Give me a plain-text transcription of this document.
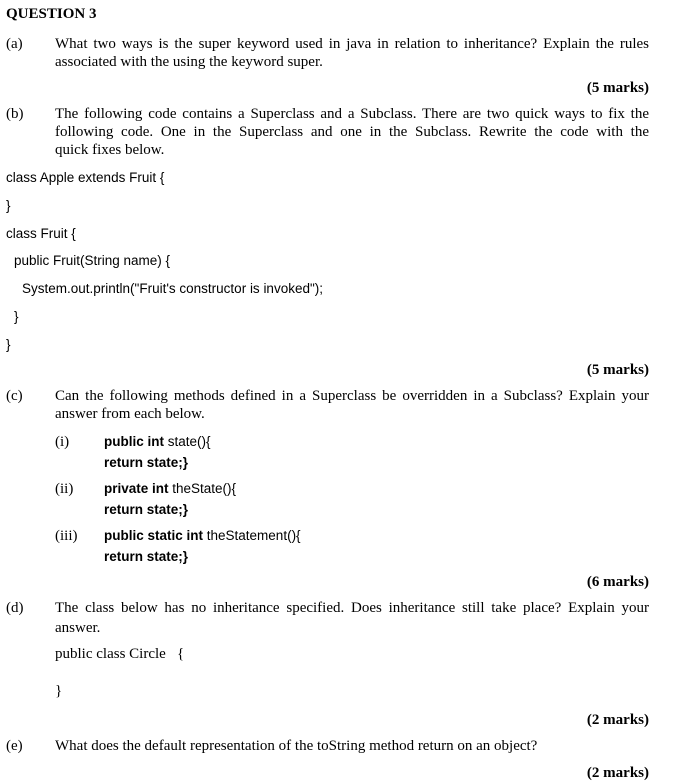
QUESTION 3
(a) What two ways is the super keyword used in java in relation to inheritance? Explain the rules
associated with the using the keyword super.
(5 marks)
(b) The following code contains a Superclass and a Subclass. There are two quick ways to fix the
following code. One in the Superclass and one in the Subclass. Rewrite the code with the
quick fixes below.
class Apple extends Fruit {
}
class Fruit {
public Fruit(String name) {
System.out.println("Fruit's constructor is invoked");
}
}
(5 marks)
(c) Can the following methods defined in a Superclass be overridden in a Subclass? Explain your
answer from each below.
(i)	public int state(){
return state;}
(ii) private int theState(){
return state;}
(iii) public static int theStatement(){
return state;}
(6 marks)
(d) The class below has no inheritance specified. Does inheritance still take place? Explain your
answer.
public class Circle   {
}
(2 marks)
(e) What does the default representation of the toString method return on an object?
(2 marks)
